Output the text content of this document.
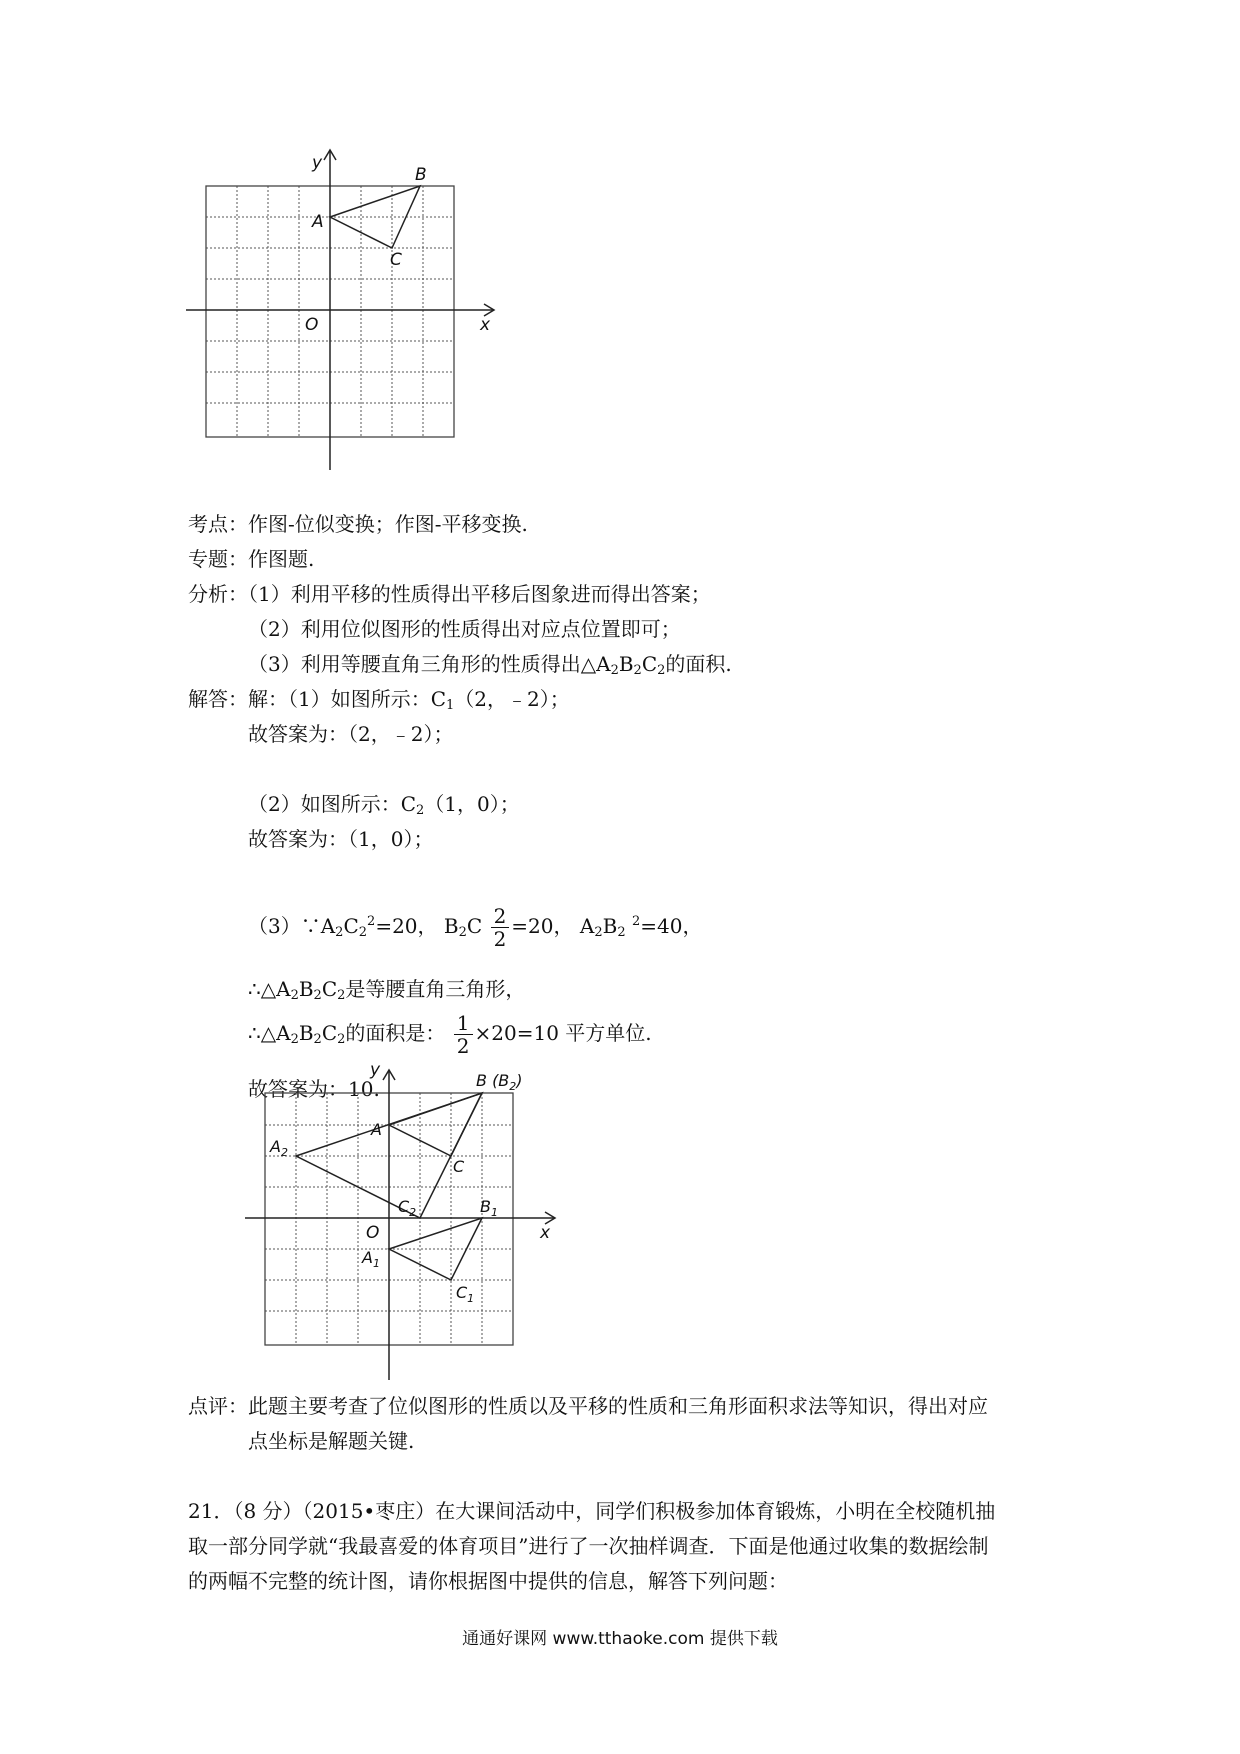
y
x
O
A
B
C
考点：作图-位似变换；作图-平移变换.
专题：作图题.
分析：（1）利用平移的性质得出平移后图象进而得出答案；
（2）利用位似图形的性质得出对应点位置即可；
（3）利用等腰直角三角形的性质得出$\triangle A_2B_2C_2$的面积.
解答：解：（1）如图所示：$C_1(2$，﹣2）；
故答案为：（2，﹣2）；
（2）如图所示：$C_2(1$，0）；
故答案为：（1，0）；
$(3)\because A_2C_2^2=20$， $B_2C \frac{2}{2} =20$， $A_2B_2$ $^2$=40，
$\therefore\triangle A_2B_2C_2$是等腰直角三角形，
$\therefore\triangle A_2B_2C_2$的面积是： $\frac{1}{2} \times 20=10$ 平方单位.
故答案为：10.
y
x
O
A
B $(B_2)$
C
$A_2$
$C_2$
$A_1$
$B_1$
$C_1$
点评：此题主要考查了位似图形的性质以及平移的性质和三角形面积求法等知识，得出对应
点坐标是解题关键.
21．（8 分）（2015•枣庄）在大课间活动中，同学们积极参加体育锻炼，小明在全校随机抽
取一部分同学就“我最喜爱的体育项目”进行了一次抽样调查．下面是他通过收集的数据绘制
的两幅不完整的统计图，请你根据图中提供的信息，解答下列问题：
通通好课网 www.tthaoke.com 提供下载
